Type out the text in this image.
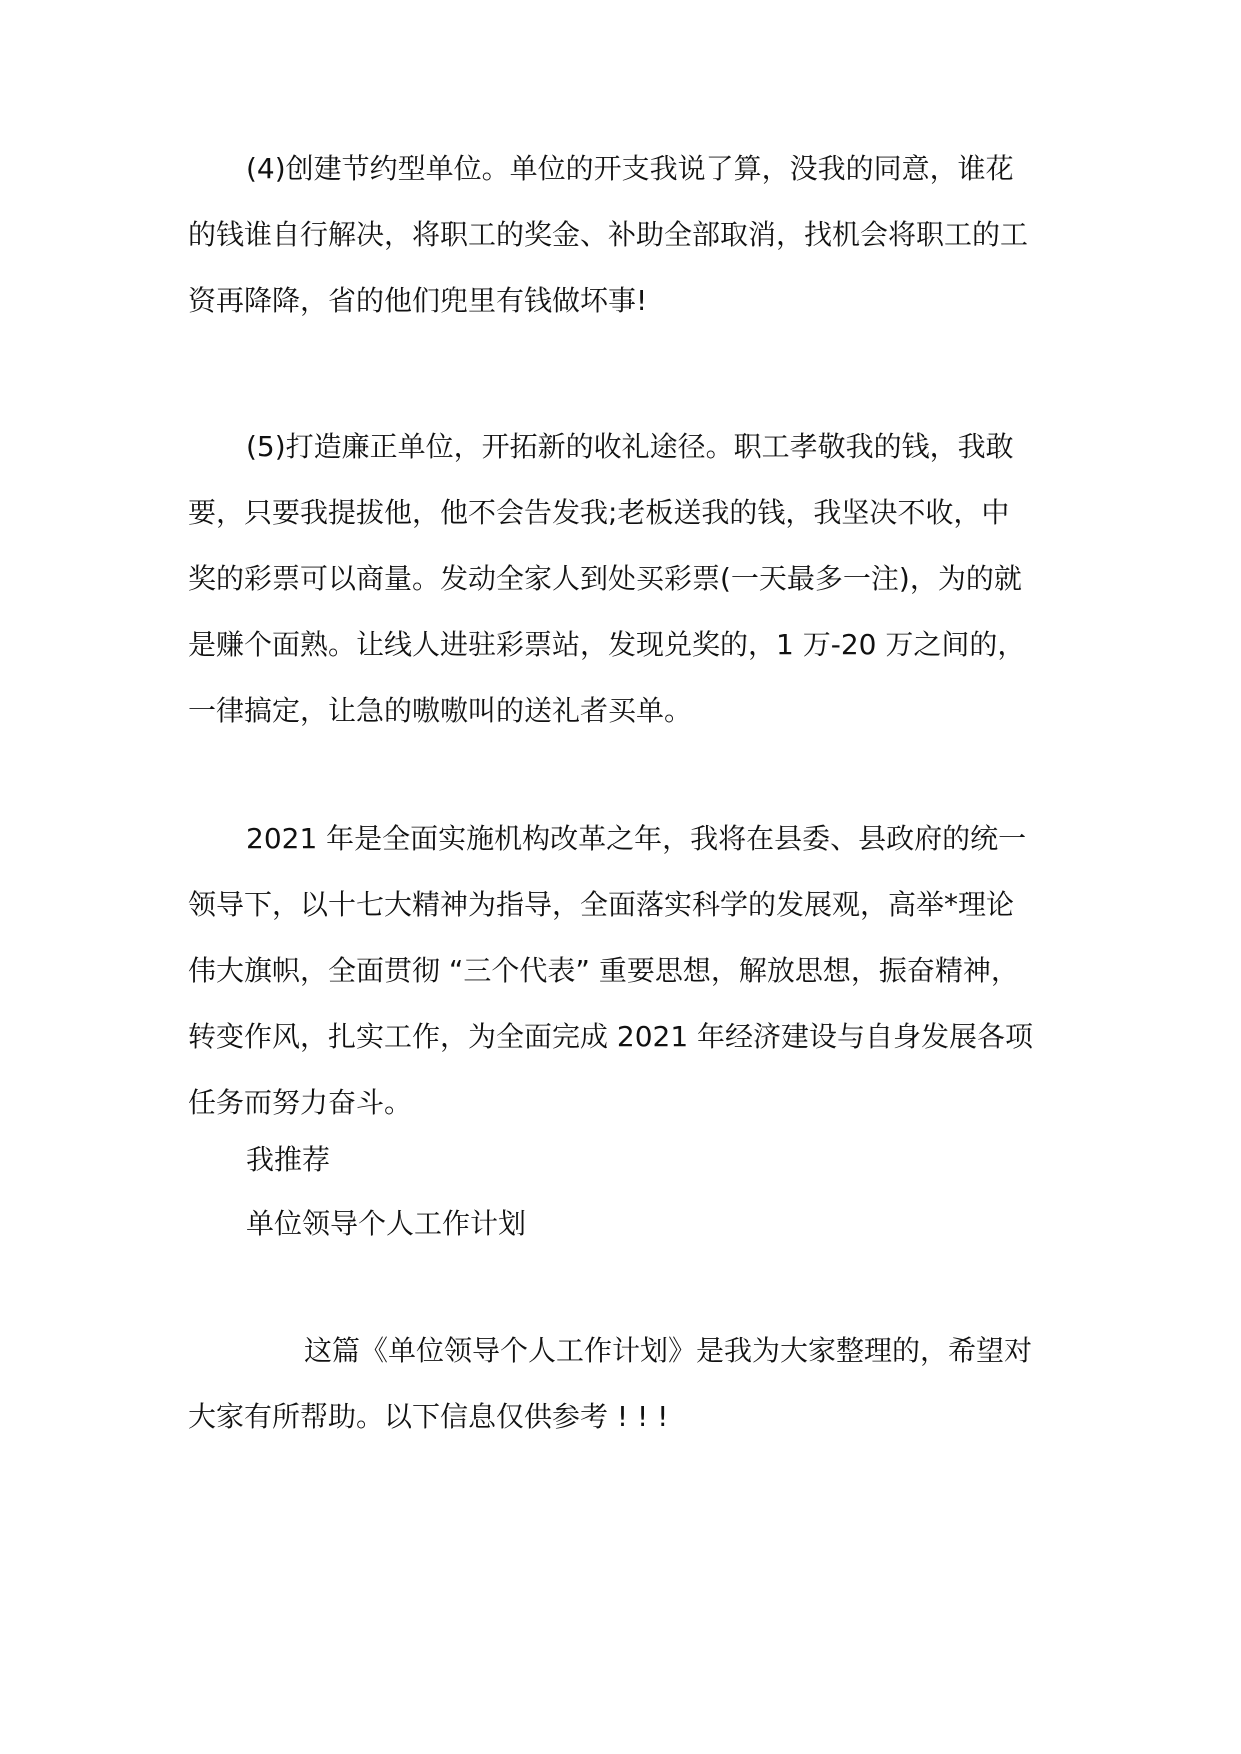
(4)创建节约型单位。单位的开支我说了算，没我的同意，谁花
的钱谁自行解决，将职工的奖金、补助全部取消，找机会将职工的工
资再降降，省的他们兜里有钱做坏事!
(5)打造廉正单位，开拓新的收礼途径。职工孝敬我的钱，我敢
要，只要我提拔他，他不会告发我;老板送我的钱，我坚决不收，中
奖的彩票可以商量。发动全家人到处买彩票(一天最多一注)，为的就
是赚个面熟。让线人进驻彩票站，发现兑奖的，1 万-20 万之间的，
一律搞定，让急的嗷嗷叫的送礼者买单。
2021 年是全面实施机构改革之年，我将在县委、县政府的统一
领导下，以十七大精神为指导，全面落实科学的发展观，高举*理论
伟大旗帜，全面贯彻 “三个代表” 重要思想，解放思想，振奋精神，
转变作风，扎实工作，为全面完成 2021 年经济建设与自身发展各项
任务而努力奋斗。
我推荐
单位领导个人工作计划
这篇《单位领导个人工作计划》是我为大家整理的，希望对
大家有所帮助。以下信息仅供参考 ! ! !
